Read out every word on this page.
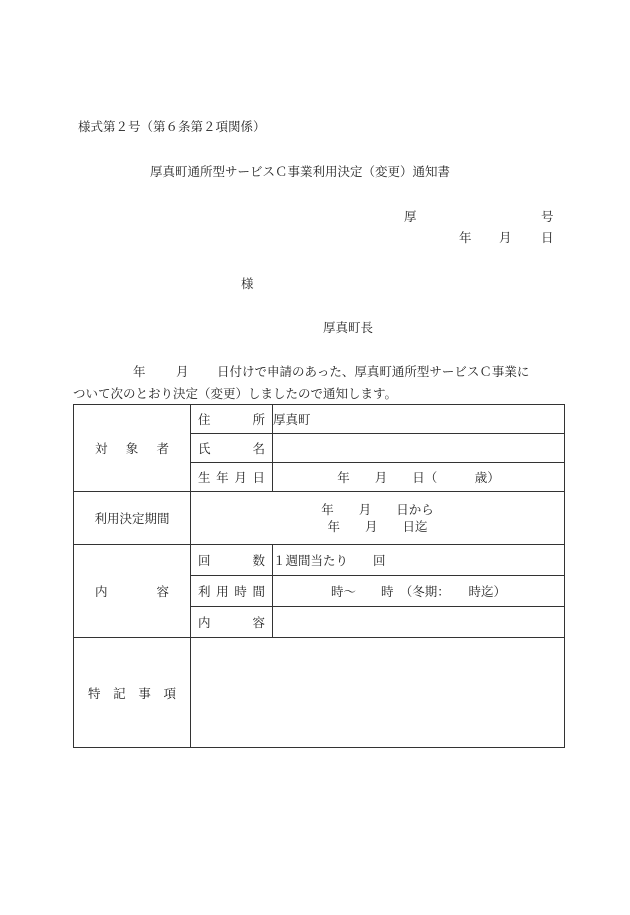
様式第２号（第６条第２項関係）
厚真町通所型サービスＣ事業利用決定（変更）通知書
厚	号
年 月 日
様
厚真町長
年 月 日付けで申請のあった、厚真町通所型サービスＣ事業に
ついて次のとおり決定（変更）しましたので通知します。
対 象 者	住 所	厚真町

	氏 名	

	生 年 月 日	年　　月　　日（　　　歳）
利用決定期間	年　　月　　日から
年　　月　　日迄	

内 容	回 数	１週間当たり　　回

	利 用 時 間	時～　　時　（冬期：　　時迄）

	内 容	

特 記 事 項		
